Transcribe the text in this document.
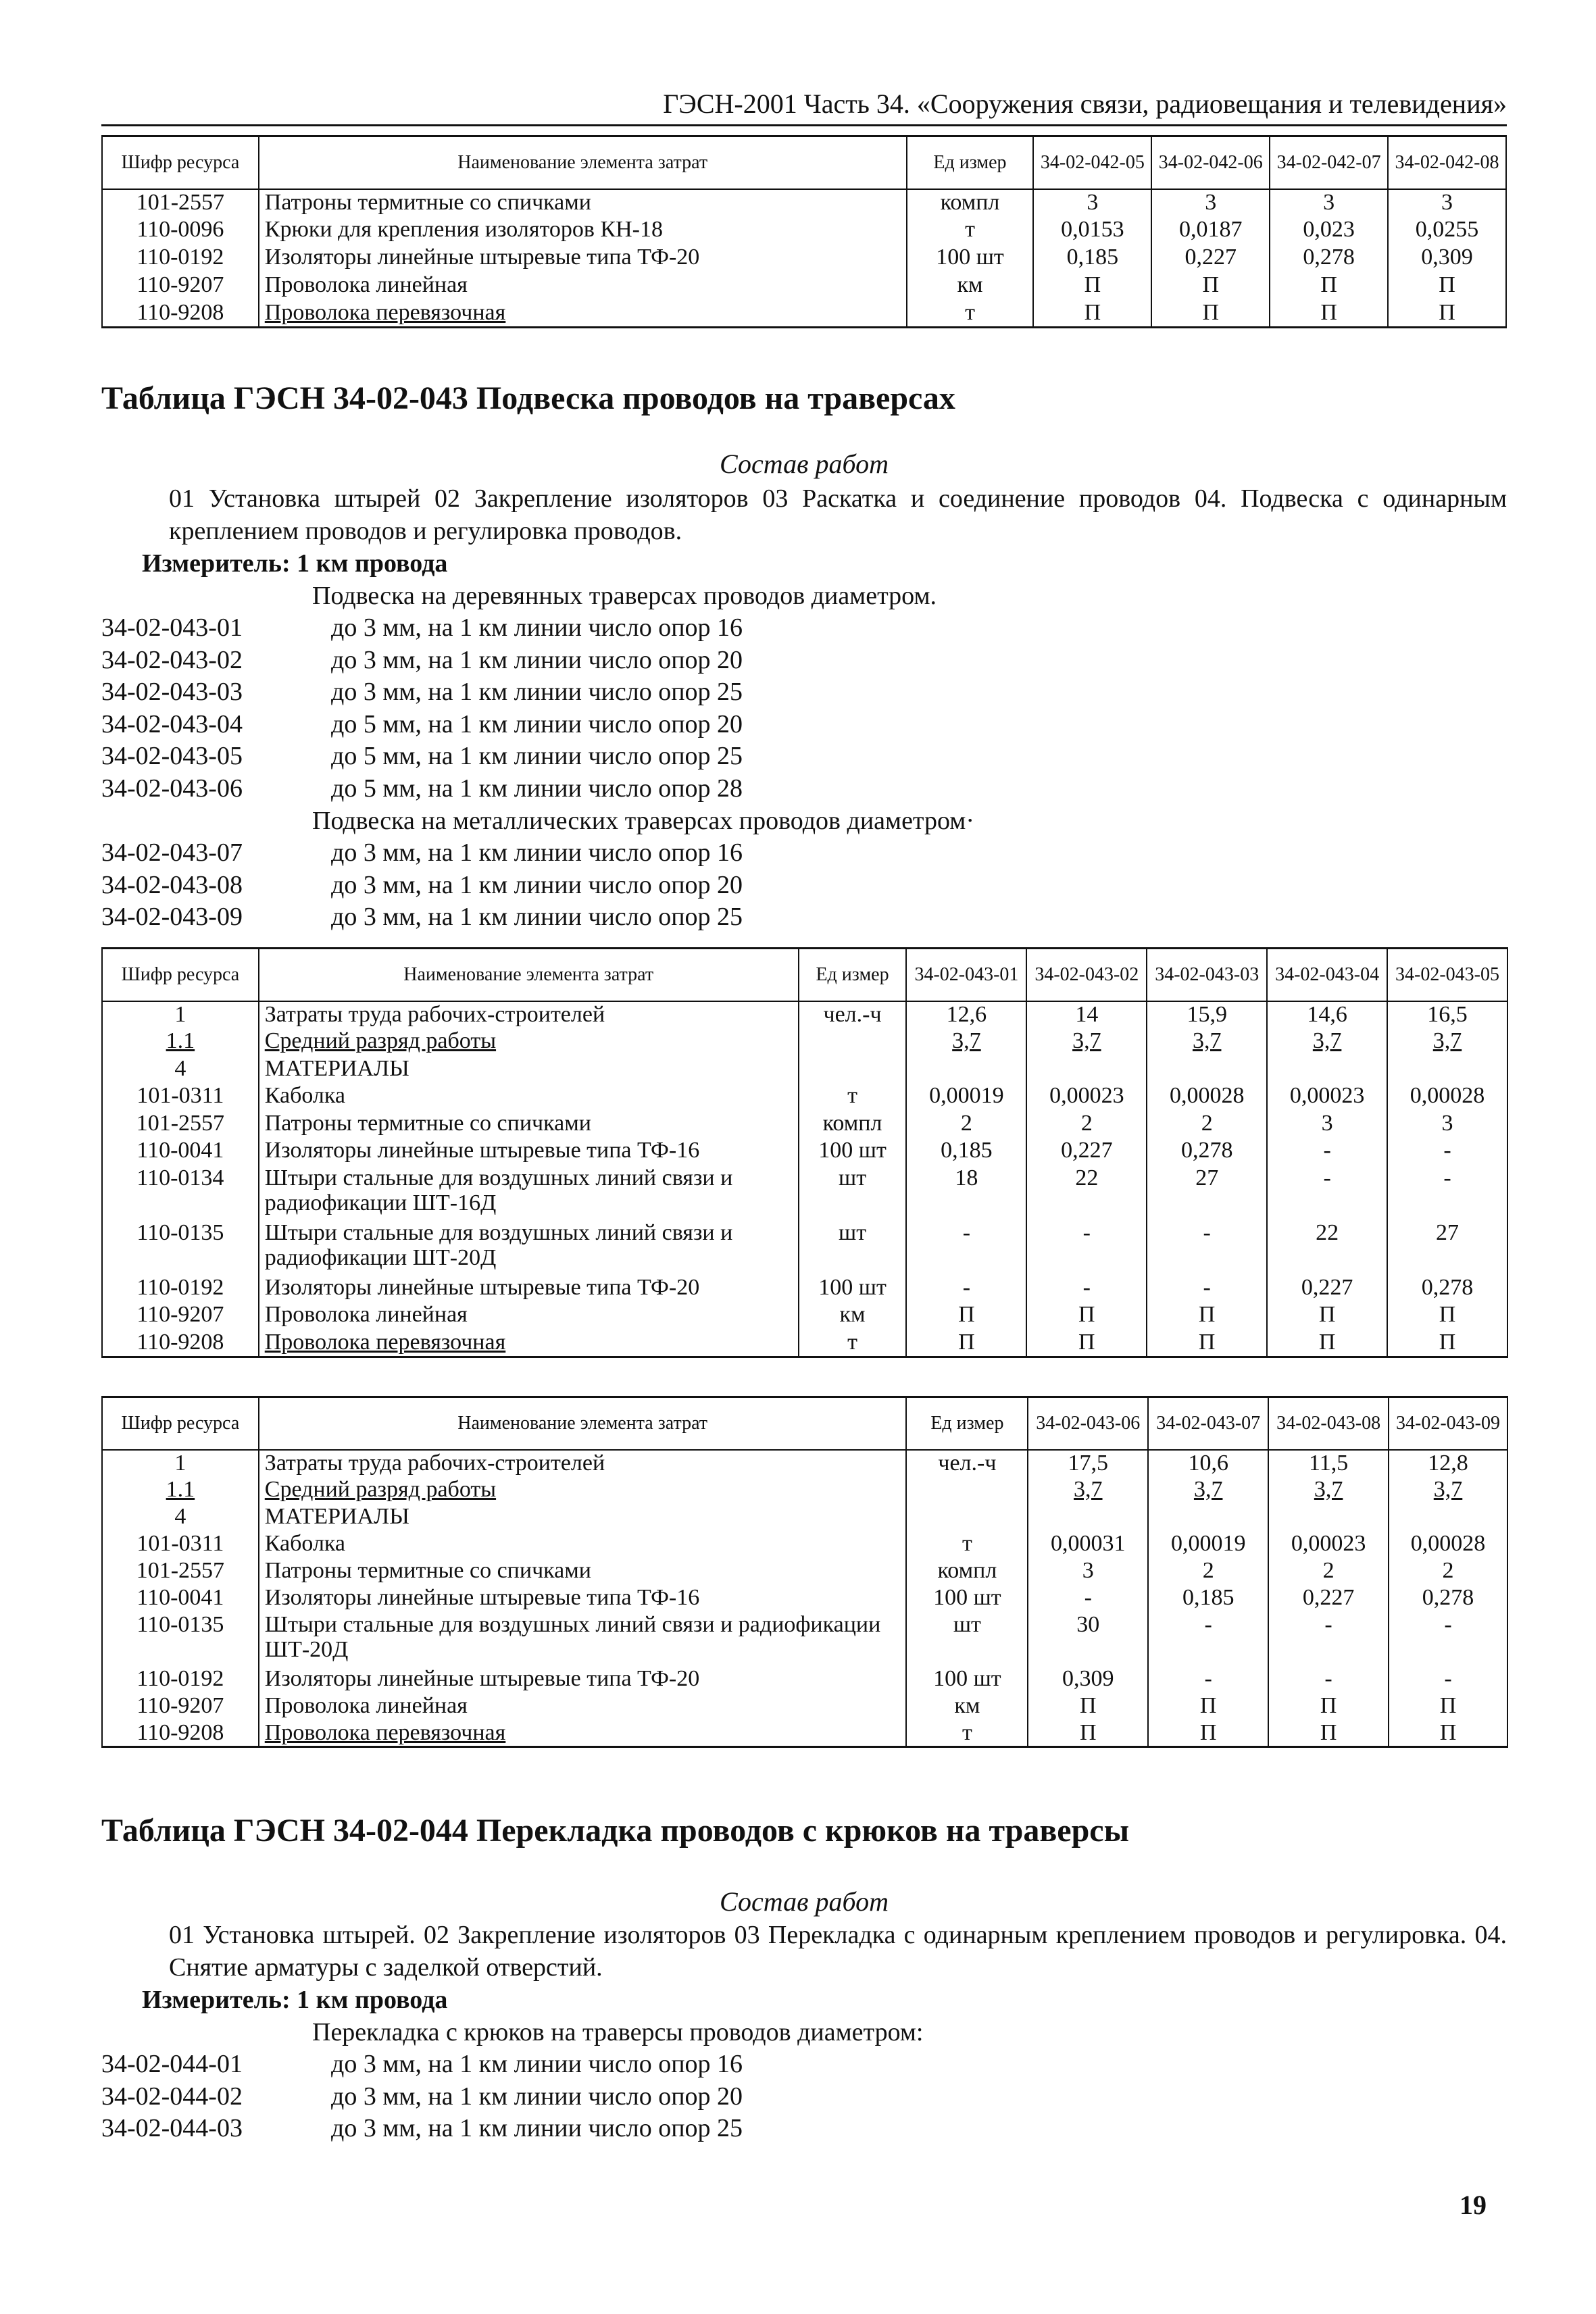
ГЭСН-2001 Часть 34. «Сооружения связи, радиовещания и телевидения»
Шифр ресурса	Наименование элемента затрат	Ед измер	34-02-042-05	34-02-042-06	34-02-042-07	34-02-042-08
101-2557	Патроны термитные со спичками	компл	3	3	3	3
110-0096	Крюки для крепления изоляторов КН-18	т	0,0153	0,0187	0,023	0,0255
110-0192	Изоляторы линейные штыревые типа ТФ-20	100 шт	0,185	0,227	0,278	0,309
110-9207	Проволока линейная	км	П	П	П	П
110-9208	Проволока перевязочная	т	П	П	П	П
Таблица ГЭСН 34-02-043 Подвеска проводов на траверсах
Состав работ
01 Установка штырей 02 Закрепление изоляторов 03 Раскатка и соединение проводов 04. Подвеска с одинарным креплением проводов и регулировка проводов.
Измеритель: 1 км провода
Подвеска на деревянных траверсах проводов диаметром.
34-02-043-01	до 3 мм, на 1 км линии число опор 16
34-02-043-02	до 3 мм, на 1 км линии число опор 20
34-02-043-03	до 3 мм, на 1 км линии число опор 25
34-02-043-04	до 5 мм, на 1 км линии число опор 20
34-02-043-05	до 5 мм, на 1 км линии число опор 25
34-02-043-06	до 5 мм, на 1 км линии число опор 28
Подвеска на металлических траверсах проводов диаметром·
34-02-043-07	до 3 мм, на 1 км линии число опор 16
34-02-043-08	до 3 мм, на 1 км линии число опор 20
34-02-043-09	до 3 мм, на 1 км линии число опор 25
Шифр ресурса	Наименование элемента затрат	Ед измер	34-02-043-01	34-02-043-02	34-02-043-03	34-02-043-04	34-02-043-05
1	Затраты труда рабочих-строителей	чел.-ч	12,6	14	15,9	14,6	16,5
1.1	Средний разряд работы		3,7	3,7	3,7	3,7	3,7
4	МАТЕРИАЛЫ						
101-0311	Каболка	т	0,00019	0,00023	0,00028	0,00023	0,00028
101-2557	Патроны термитные со спичками	компл	2	2	2	3	3
110-0041	Изоляторы линейные штыревые типа ТФ-16	100 шт	0,185	0,227	0,278	-	-
110-0134	Штыри стальные для воздушных линий связи и радиофикации ШТ-16Д	шт	18	22	27	-	-
110-0135	Штыри стальные для воздушных линий связи и радиофикации ШТ-20Д	шт	-	-	-	22	27
110-0192	Изоляторы линейные штыревые типа ТФ-20	100 шт	-	-	-	0,227	0,278
110-9207	Проволока линейная	км	П	П	П	П	П
110-9208	Проволока перевязочная	т	П	П	П	П	П
Шифр ресурса	Наименование элемента затрат	Ед измер	34-02-043-06	34-02-043-07	34-02-043-08	34-02-043-09
1	Затраты труда рабочих-строителей	чел.-ч	17,5	10,6	11,5	12,8
1.1	Средний разряд работы		3,7	3,7	3,7	3,7
4	МАТЕРИАЛЫ					
101-0311	Каболка	т	0,00031	0,00019	0,00023	0,00028
101-2557	Патроны термитные со спичками	компл	3	2	2	2
110-0041	Изоляторы линейные штыревые типа ТФ-16	100 шт	-	0,185	0,227	0,278
110-0135	Штыри стальные для воздушных линий связи и радиофикации ШТ-20Д	шт	30	-	-	-
110-0192	Изоляторы линейные штыревые типа ТФ-20	100 шт	0,309	-	-	-
110-9207	Проволока линейная	км	П	П	П	П
110-9208	Проволока перевязочная	т	П	П	П	П
Таблица ГЭСН 34-02-044 Перекладка проводов с крюков на траверсы
Состав работ
01 Установка штырей. 02 Закрепление изоляторов 03 Перекладка с одинарным креплением проводов и регулировка. 04. Снятие арматуры с заделкой отверстий.
Измеритель: 1 км провода
Перекладка с крюков на траверсы проводов диаметром:
34-02-044-01	до 3 мм, на 1 км линии число опор 16
34-02-044-02	до 3 мм, на 1 км линии число опор 20
34-02-044-03	до 3 мм, на 1 км линии число опор 25
19
